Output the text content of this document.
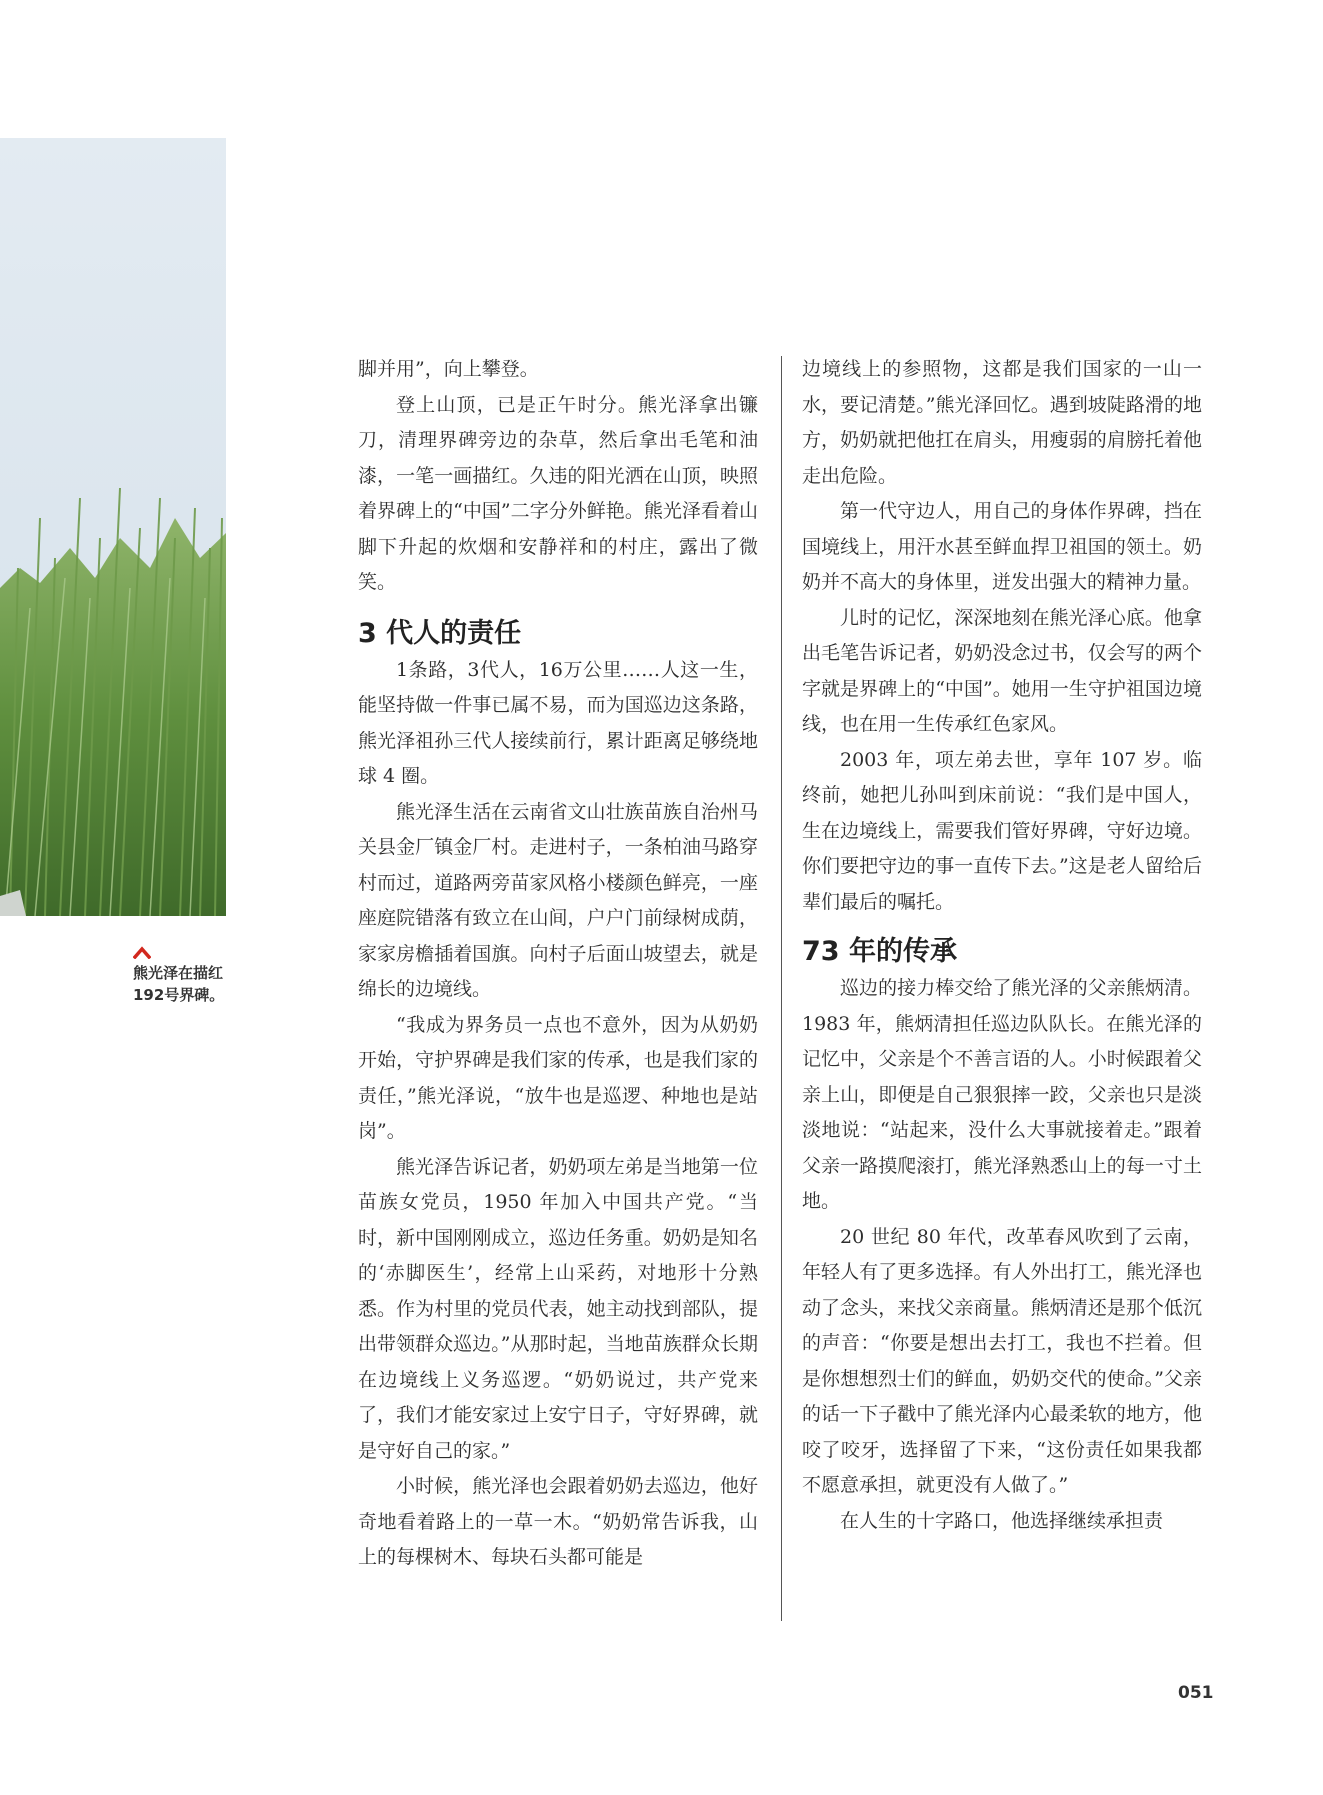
熊光泽在描红
192号界碑。

脚并用”，向上攀登。

登上山顶，已是正午时分。熊光泽拿出镰刀，清理界碑旁边的杂草，然后拿出毛笔和油漆，一笔一画描红。久违的阳光洒在山顶，映照着界碑上的“中国”二字分外鲜艳。熊光泽看着山脚下升起的炊烟和安静祥和的村庄，露出了微笑。

3 代人的责任

1条路，3代人，16万公里……人这一生，能坚持做一件事已属不易，而为国巡边这条路，熊光泽祖孙三代人接续前行，累计距离足够绕地球 4 圈。

熊光泽生活在云南省文山壮族苗族自治州马关县金厂镇金厂村。走进村子，一条柏油马路穿村而过，道路两旁苗家风格小楼颜色鲜亮，一座座庭院错落有致立在山间，户户门前绿树成荫，家家房檐插着国旗。向村子后面山坡望去，就是绵长的边境线。

“我成为界务员一点也不意外，因为从奶奶开始，守护界碑是我们家的传承，也是我们家的责任，”熊光泽说，“放牛也是巡逻、种地也是站岗”。

熊光泽告诉记者，奶奶项左弟是当地第一位苗族女党员，1950 年加入中国共产党。“当时，新中国刚刚成立，巡边任务重。奶奶是知名的‘赤脚医生’，经常上山采药，对地形十分熟悉。作为村里的党员代表，她主动找到部队，提出带领群众巡边。”从那时起，当地苗族群众长期在边境线上义务巡逻。“奶奶说过，共产党来了，我们才能安家过上安宁日子，守好界碑，就是守好自己的家。”

小时候，熊光泽也会跟着奶奶去巡边，他好奇地看着路上的一草一木。“奶奶常告诉我，山上的每棵树木、每块石头都可能是

边境线上的参照物，这都是我们国家的一山一水，要记清楚。”熊光泽回忆。遇到坡陡路滑的地方，奶奶就把他扛在肩头，用瘦弱的肩膀托着他走出危险。

第一代守边人，用自己的身体作界碑，挡在国境线上，用汗水甚至鲜血捍卫祖国的领土。奶奶并不高大的身体里，迸发出强大的精神力量。

儿时的记忆，深深地刻在熊光泽心底。他拿出毛笔告诉记者，奶奶没念过书，仅会写的两个字就是界碑上的“中国”。她用一生守护祖国边境线，也在用一生传承红色家风。

2003 年，项左弟去世，享年 107 岁。临终前，她把儿孙叫到床前说：“我们是中国人，生在边境线上，需要我们管好界碑，守好边境。你们要把守边的事一直传下去。”这是老人留给后辈们最后的嘱托。

73 年的传承

巡边的接力棒交给了熊光泽的父亲熊炳清。1983 年，熊炳清担任巡边队队长。在熊光泽的记忆中，父亲是个不善言语的人。小时候跟着父亲上山，即便是自己狠狠摔一跤，父亲也只是淡淡地说：“站起来，没什么大事就接着走。”跟着父亲一路摸爬滚打，熊光泽熟悉山上的每一寸土地。

20 世纪 80 年代，改革春风吹到了云南，年轻人有了更多选择。有人外出打工，熊光泽也动了念头，来找父亲商量。熊炳清还是那个低沉的声音：“你要是想出去打工，我也不拦着。但是你想想烈士们的鲜血，奶奶交代的使命。”父亲的话一下子戳中了熊光泽内心最柔软的地方，他咬了咬牙，选择留了下来，“这份责任如果我都不愿意承担，就更没有人做了。”

在人生的十字路口，他选择继续承担责

051
